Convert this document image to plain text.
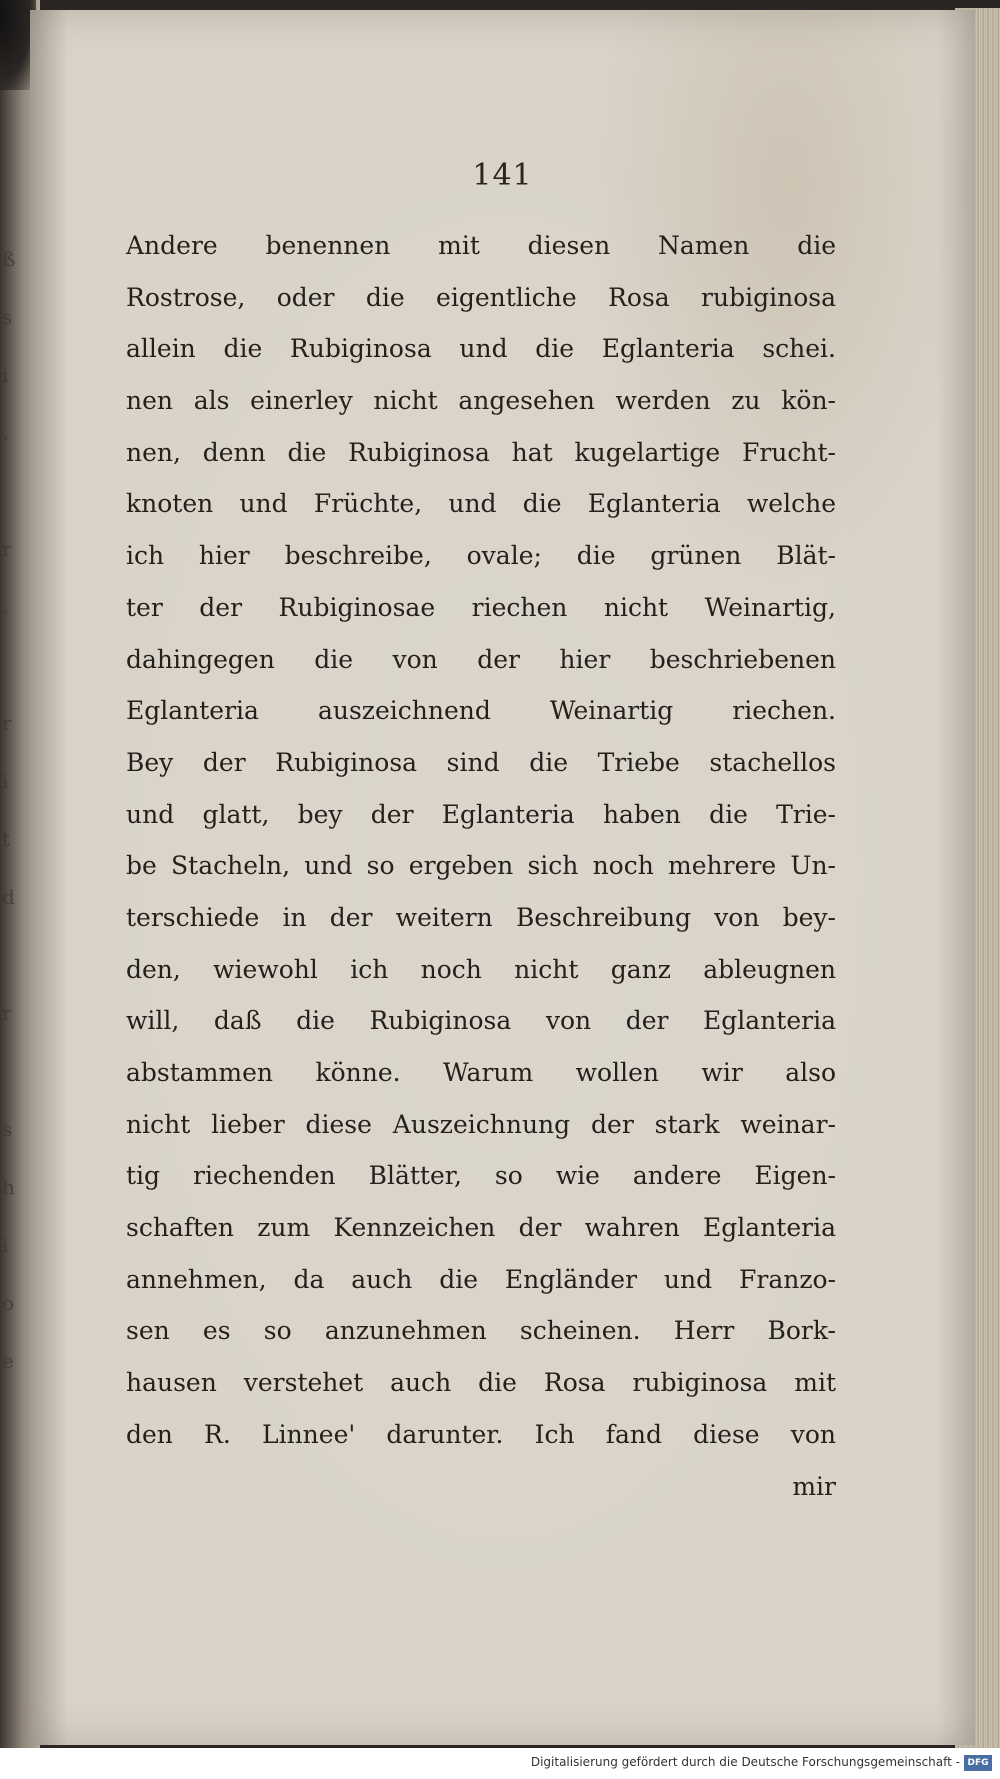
ß
s
i
.

r
.

r
i
t
d

r

s
h
i
o
e
141
Andere benennen mit diesen Namen die
Rostrose, oder die eigentliche Rosa rubiginosa
allein die Rubiginosa und die Eglanteria schei.
nen als einerley nicht angesehen werden zu kön-
nen, denn die Rubiginosa hat kugelartige Frucht-
knoten und Früchte, und die Eglanteria welche
ich hier beschreibe, ovale; die grünen Blät-
ter der Rubiginosae riechen nicht Weinartig,
dahingegen die von der hier beschriebenen
Eglanteria auszeichnend Weinartig riechen.
Bey der Rubiginosa sind die Triebe stachellos
und glatt, bey der Eglanteria haben die Trie-
be Stacheln, und so ergeben sich noch mehrere Un-
terschiede in der weitern Beschreibung von bey-
den, wiewohl ich noch nicht ganz ableugnen
will, daß die Rubiginosa von der Eglanteria
abstammen könne. Warum wollen wir also
nicht lieber diese Auszeichnung der stark weinar-
tig riechenden Blätter, so wie andere Eigen-
schaften zum Kennzeichen der wahren Eglanteria
annehmen, da auch die Engländer und Franzo-
sen es so anzunehmen scheinen. Herr Bork-
hausen verstehet auch die Rosa rubiginosa mit
den R. Linnee' darunter. Ich fand diese von
mir
Digitalisierung gefördert durch die Deutsche Forschungsgemeinschaft - DFG
